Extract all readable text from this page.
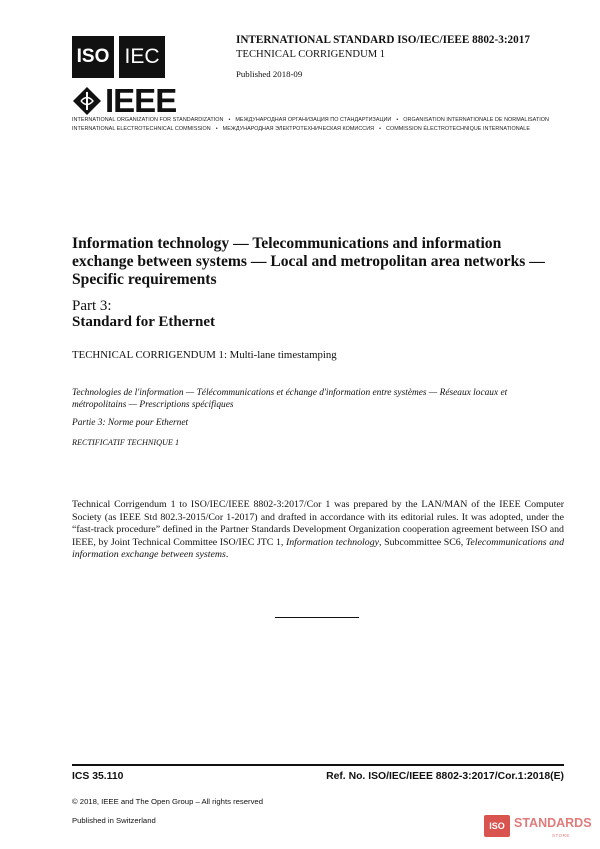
ISO IEC
IEEE
INTERNATIONAL STANDARD ISO/IEC/IEEE 8802-3:2017
TECHNICAL CORRIGENDUM 1
Published 2018-09
INTERNATIONAL ORGANIZATION FOR STANDARDIZATION • МЕЖДУНАРОДНАЯ ОРГАНИЗАЦИЯ ПО СТАНДАРТИЗАЦИИ • ORGANISATION INTERNATIONALE DE NORMALISATION
INTERNATIONAL ELECTROTECHNICAL COMMISSION • МЕЖДУНАРОДНАЯ ЭЛЕКТРОТЕХНИЧЕСКАЯ КОМИССИЯ • COMMISSION ÉLECTROTECHNIQUE INTERNATIONALE
Information technology — Telecommunications and information exchange between systems — Local and metropolitan area networks — Specific requirements
Part 3:
Standard for Ethernet
TECHNICAL CORRIGENDUM 1: Multi-lane timestamping
Technologies de l'information — Télécommunications et échange d'information entre systèmes — Réseaux locaux et métropolitains — Prescriptions spécifiques
Partie 3: Norme pour Ethernet
RECTIFICATIF TECHNIQUE 1
Technical Corrigendum 1 to ISO/IEC/IEEE 8802-3:2017/Cor 1 was prepared by the LAN/MAN of the IEEE Computer Society (as IEEE Std 802.3-2015/Cor 1-2017) and drafted in accordance with its editorial rules. It was adopted, under the “fast-track procedure” defined in the Partner Standards Development Organization cooperation agreement between ISO and IEEE, by Joint Technical Committee ISO/IEC JTC 1, Information technology, Subcommittee SC6, Telecommunications and information exchange between systems.
ICS 35.110	Ref. No. ISO/IEC/IEEE 8802-3:2017/Cor.1:2018(E)
© 2018, IEEE and The Open Group – All rights reserved
Published in Switzerland
ISO STANDARDS
STORE
